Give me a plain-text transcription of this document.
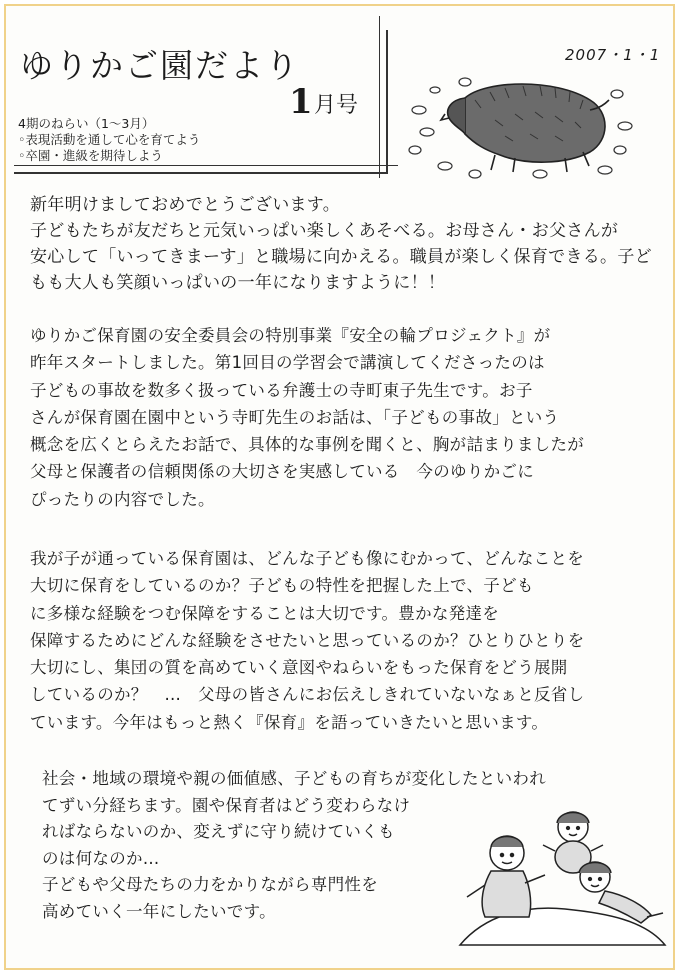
ゆりかご園だより
1 月号
2007・1・1
4期のねらい（1〜3月）
◦表現活動を通して心を育てよう
◦卒園・進級を期待しよう
新年明けましておめでとうございます。
子どもたちが友だちと元気いっぱい楽しくあそべる。お母さん・お父さんが
安心して「いってきまーす」と職場に向かえる。職員が楽しく保育できる。子ど
もも大人も笑顔いっぱいの一年になりますように！！
ゆりかご保育園の安全委員会の特別事業『安全の輪プロジェクト』が
昨年スタートしました。第1回目の学習会で講演してくださったのは
子どもの事故を数多く扱っている弁護士の寺町東子先生です。お子
さんが保育園在園中という寺町先生のお話は、「子どもの事故」という
概念を広くとらえたお話で、具体的な事例を聞くと、胸が詰まりましたが
父母と保護者の信頼関係の大切さを実感している　今のゆりかごに
ぴったりの内容でした。
我が子が通っている保育園は、どんな子ども像にむかって、どんなことを
大切に保育をしているのか？子どもの特性を把握した上で、子ども
に多様な経験をつむ保障をすることは大切です。豊かな発達を
保障するためにどんな経験をさせたいと思っているのか？ひとりひとりを
大切にし、集団の質を高めていく意図やねらいをもった保育をどう展開
しているのか？　…　父母の皆さんにお伝えしきれていないなぁと反省し
ています。今年はもっと熱く『保育』を語っていきたいと思います。
社会・地域の環境や親の価値感、子どもの育ちが変化したといわれ
てずい分経ちます。園や保育者はどう変わらなけ
ればならないのか、変えずに守り続けていくも
のは何なのか…
子どもや父母たちの力をかりながら専門性を
高めていく一年にしたいです。
